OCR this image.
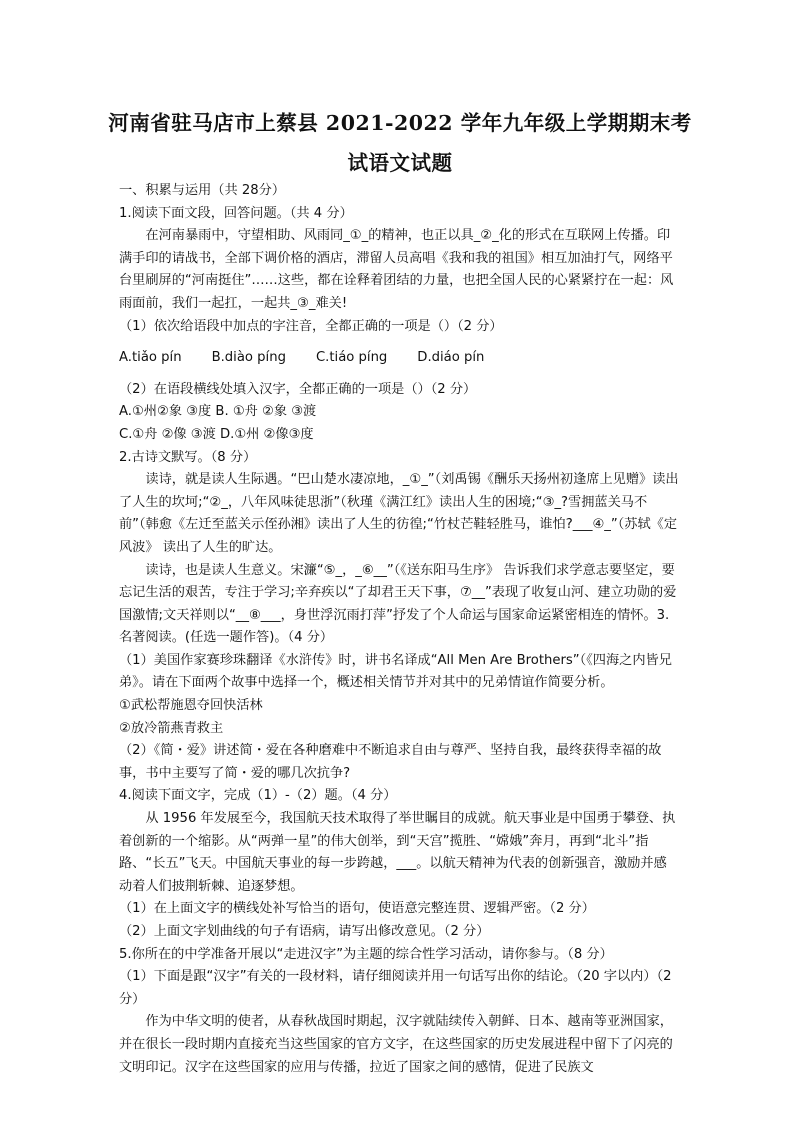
河南省驻马店市上蔡县 2021-2022 学年九年级上学期期末考
试语文试题

一、积累与运用（共 28分）

1.阅读下面文段，回答问题。（共 4 分）

在河南暴雨中，守望相助、风雨同_①_的精神，也正以具_②_化的形式在互联网上传播。印满手印的请战书，全部下调价格的酒店，滞留人员高唱《我和我的祖国》相互加油打气，网络平台里刷屏的“河南挺住”……这些，都在诠释着团结的力量，也把全国人民的心紧紧拧在一起：风雨面前，我们一起扛，一起共_③_难关!

（1）依次给语段中加点的字注音，全都正确的一项是（）（2 分）

A.tiǎo pín B.diào píng C.tiáo píng D.diáo pín

（2）在语段横线处填入汉字，全都正确的一项是（）（2 分）

A.①州②象 ③度 B. ①舟 ②象 ③渡

C.①舟 ②像 ③渡 D.①州 ②像③度

2.古诗文默写。（8 分）

读诗，就是读人生际遇。“巴山楚水凄凉地，_①_”（刘禹锡《酬乐天扬州初逢席上见赠》读出了人生的坎坷;“②_，八年风味徒思浙”（秋瑾《满江红》读出人生的困境;“③_?雪拥蓝关马不前”（韩愈《左迁至蓝关示侄孙湘》读出了人生的彷徨;“竹杖芒鞋轻胜马，谁怕?___④_”（苏轼《定风波》 读出了人生的旷达。

读诗，也是读人生意义。宋濂“⑤_，_⑥__”（《送东阳马生序》 告诉我们求学意志要坚定，要忘记生活的艰苦，专注于学习;辛弃疾以“了却君王天下事，⑦__”表现了收复山河、建立功勋的爱国激情;文天祥则以“__⑧___，身世浮沉雨打萍”抒发了个人命运与国家命运紧密相连的情怀。3.名著阅读。(任选一题作答)。（4 分）

（1）美国作家赛珍珠翻译《水浒传》时，讲书名译成“All Men Are Brothers”（《四海之内皆兄弟》。请在下面两个故事中选择一个，概述相关情节并对其中的兄弟情谊作简要分析。

①武松帮施恩夺回快活林

②放冷箭燕青救主

（2）《简・爱》讲述简・爱在各种磨难中不断追求自由与尊严、坚持自我，最终获得幸福的故事，书中主要写了简・爱的哪几次抗争?

4.阅读下面文字，完成（1）-（2）题。（4 分）

从 1956 年发展至今，我国航天技术取得了举世瞩目的成就。航天事业是中国勇于攀登、执着创新的一个缩影。从“两弹一星”的伟大创举，到“天宫”揽胜、“嫦娥”奔月，再到“北斗”指路、“长五”飞天。中国航天事业的每一步跨越，___。以航天精神为代表的创新强音，激励并感动着人们披荆斩棘、追逐梦想。

（1）在上面文字的横线处补写恰当的语句，使语意完整连贯、逻辑严密。（2 分）

（2）上面文字划曲线的句子有语病，请写出修改意见。（2 分）

5.你所在的中学准备开展以“走进汉字”为主题的综合性学习活动，请你参与。（8 分）

（1）下面是跟“汉字”有关的一段材料，请仔细阅读并用一句话写出你的结论。（20 字以内）（2 分）

作为中华文明的使者，从春秋战国时期起，汉字就陆续传入朝鲜、日本、越南等亚洲国家，并在很长一段时期内直接充当这些国家的官方文字，在这些国家的历史发展进程中留下了闪亮的文明印记。汉字在这些国家的应用与传播，拉近了国家之间的感情，促进了民族文
